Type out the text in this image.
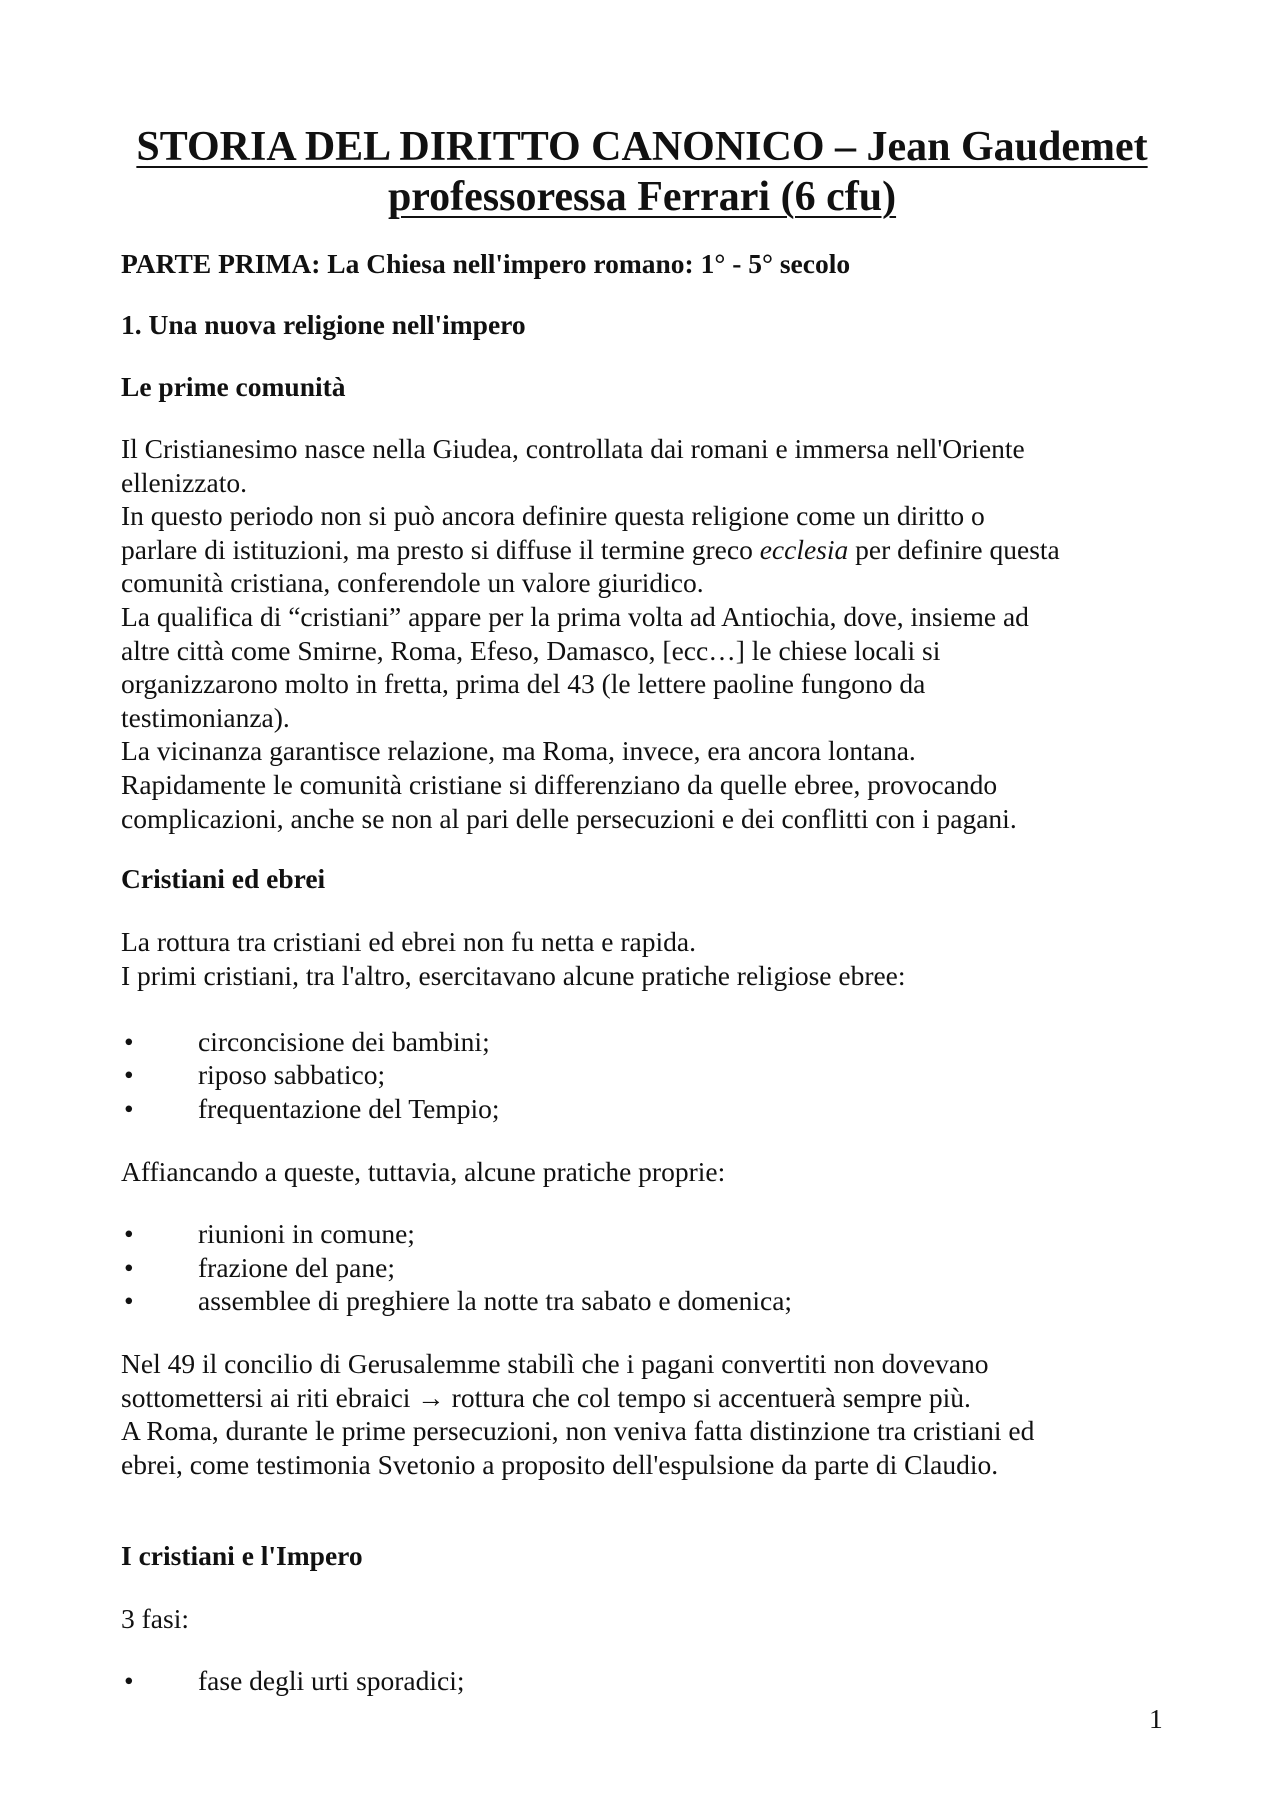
STORIA DEL DIRITTO CANONICO – Jean Gaudemet
professoressa Ferrari (6 cfu)
PARTE PRIMA: La Chiesa nell'impero romano: 1° - 5° secolo
1. Una nuova religione nell'impero
Le prime comunità
Il Cristianesimo nasce nella Giudea, controllata dai romani e immersa nell'Oriente
ellenizzato.
In questo periodo non si può ancora definire questa religione come un diritto o
parlare di istituzioni, ma presto si diffuse il termine greco ecclesia per definire questa
comunità cristiana, conferendole un valore giuridico.
La qualifica di “cristiani” appare per la prima volta ad Antiochia, dove, insieme ad
altre città come Smirne, Roma, Efeso, Damasco, [ecc…] le chiese locali si
organizzarono molto in fretta, prima del 43 (le lettere paoline fungono da
testimonianza).
La vicinanza garantisce relazione, ma Roma, invece, era ancora lontana.
Rapidamente le comunità cristiane si differenziano da quelle ebree, provocando
complicazioni, anche se non al pari delle persecuzioni e dei conflitti con i pagani.
Cristiani ed ebrei
La rottura tra cristiani ed ebrei non fu netta e rapida.
I primi cristiani, tra l'altro, esercitavano alcune pratiche religiose ebree:
• circoncisione dei bambini;
• riposo sabbatico;
• frequentazione del Tempio;
Affiancando a queste, tuttavia, alcune pratiche proprie:
• riunioni in comune;
• frazione del pane;
• assemblee di preghiere la notte tra sabato e domenica;
Nel 49 il concilio di Gerusalemme stabilì che i pagani convertiti non dovevano
sottomettersi ai riti ebraici → rottura che col tempo si accentuerà sempre più.
A Roma, durante le prime persecuzioni, non veniva fatta distinzione tra cristiani ed
ebrei, come testimonia Svetonio a proposito dell'espulsione da parte di Claudio.
I cristiani e l'Impero
3 fasi:
• fase degli urti sporadici;
1
